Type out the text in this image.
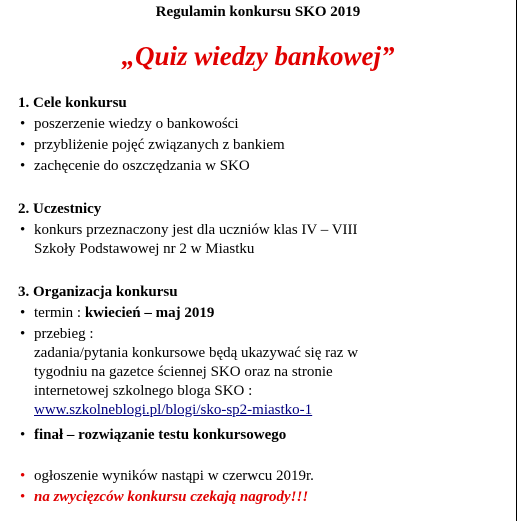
Regulamin konkursu SKO 2019
„Quiz wiedzy bankowej”
1. Cele konkursu
• poszerzenie wiedzy o bankowości
• przybliżenie pojęć związanych z bankiem
• zachęcenie do oszczędzania w SKO
2. Uczestnicy
• konkurs przeznaczony jest dla uczniów klas IV – VIII
Szkoły Podstawowej nr 2 w Miastku
3. Organizacja konkursu
• termin : kwiecień – maj 2019
• przebieg :
zadania/pytania konkursowe będą ukazywać się raz w
tygodniu na gazetce ściennej SKO oraz na stronie
internetowej szkolnego bloga SKO :
www.szkolneblogi.pl/blogi/sko-sp2-miastko-1
• finał – rozwiązanie testu konkursowego
• ogłoszenie wyników nastąpi w czerwcu 2019r.
• na zwycięzców konkursu czekają nagrody!!!
